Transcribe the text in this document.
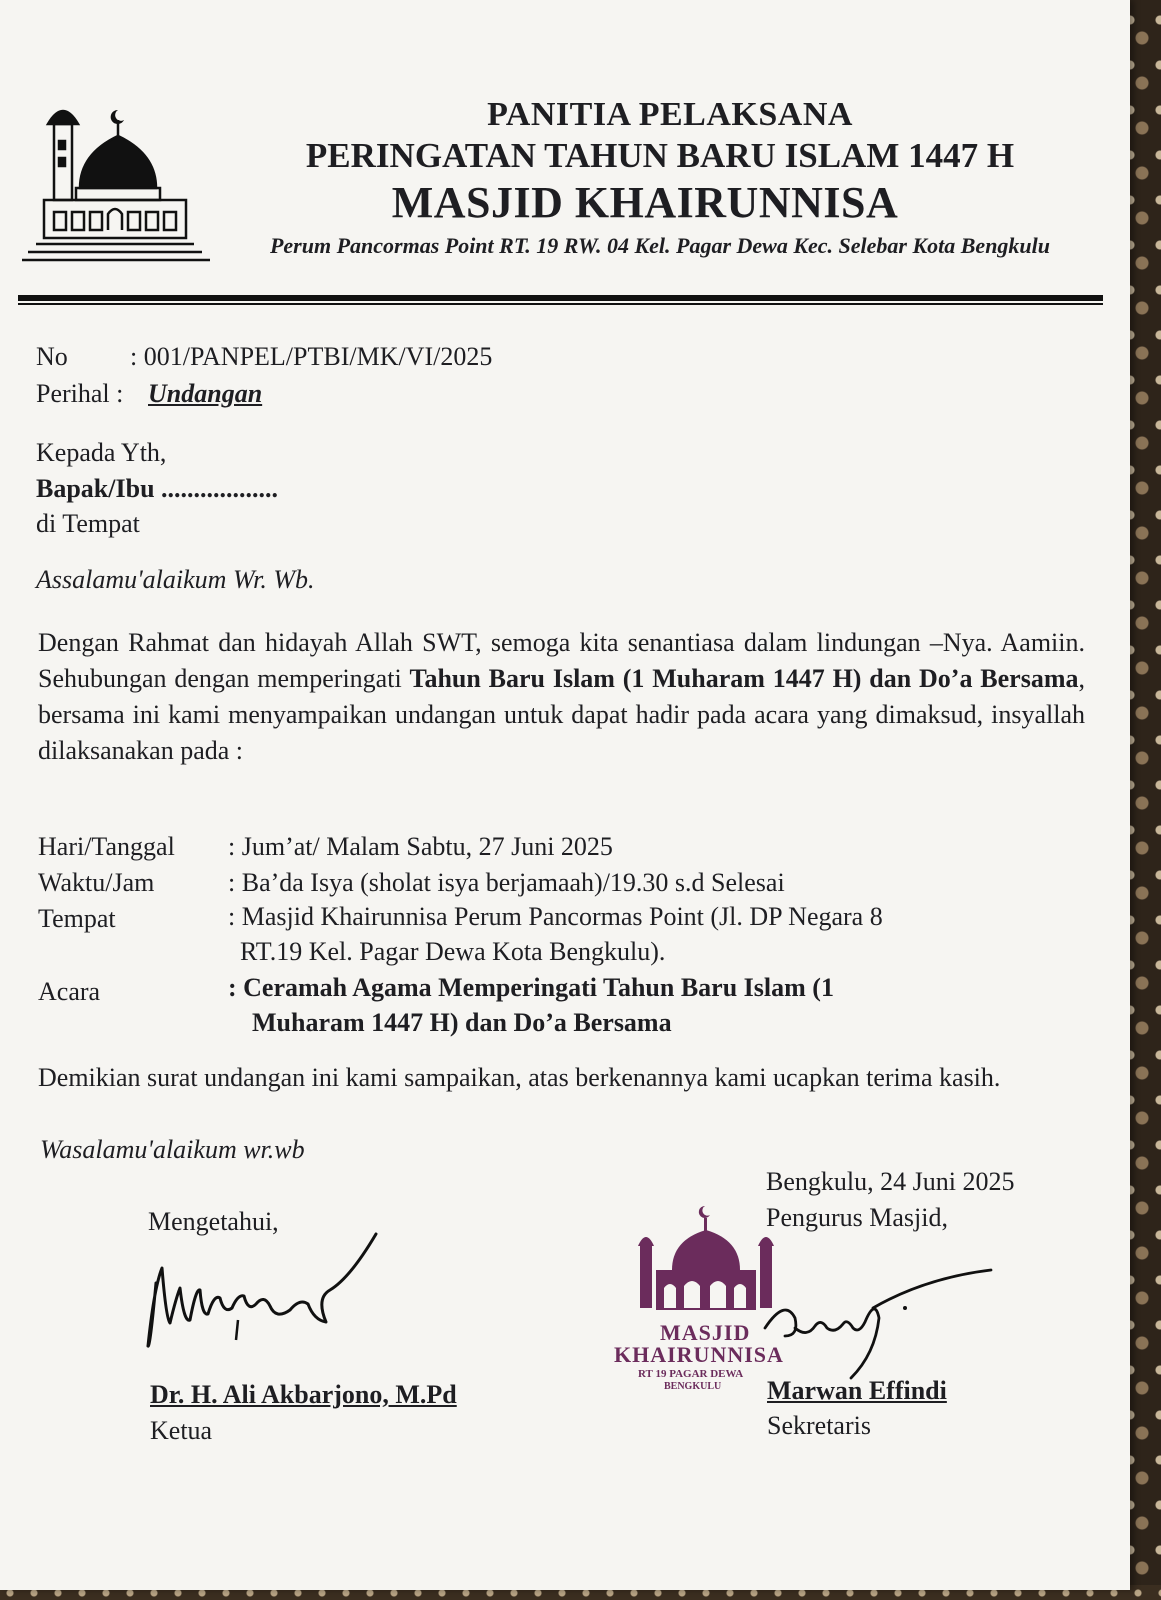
PANITIA PELAKSANA
PERINGATAN TAHUN BARU ISLAM 1447 H
MASJID KHAIRUNNISA
Perum Pancormas Point RT. 19 RW. 04 Kel. Pagar Dewa Kec. Selebar Kota Bengkulu
No : 001/PANPEL/PTBI/MK/VI/2025
Perihal : Undangan
Kepada Yth,
Bapak/Ibu ..................
di Tempat
Assalamu'alaikum Wr. Wb.
Dengan Rahmat dan hidayah Allah SWT, semoga kita senantiasa dalam lindungan –Nya. Aamiin. Sehubungan dengan memperingati Tahun Baru Islam (1 Muharam 1447 H) dan Do’a Bersama, bersama ini kami menyampaikan undangan untuk dapat hadir pada acara yang dimaksud, insyallah dilaksanakan pada :
Hari/Tanggal : Jum’at/ Malam Sabtu, 27 Juni 2025
Waktu/Jam	: Ba’da Isya (sholat isya berjamaah)/19.30 s.d Selesai
Tempat	: Masjid Khairunnisa Perum Pancormas Point (Jl. DP Negara 8
RT.19 Kel. Pagar Dewa Kota Bengkulu).
Acara	: Ceramah Agama Memperingati Tahun Baru Islam (1
Muharam 1447 H) dan Do’a Bersama
Demikian surat undangan ini kami sampaikan, atas berkenannya kami ucapkan terima kasih.
Wasalamu'alaikum wr.wb
Bengkulu, 24 Juni 2025
Pengurus Masjid,
Mengetahui,
MASJID
KHAIRUNNISA
RT 19 PAGAR DEWA
BENGKULU
Dr. H. Ali Akbarjono, M.Pd
Ketua
Marwan Effindi
Sekretaris
